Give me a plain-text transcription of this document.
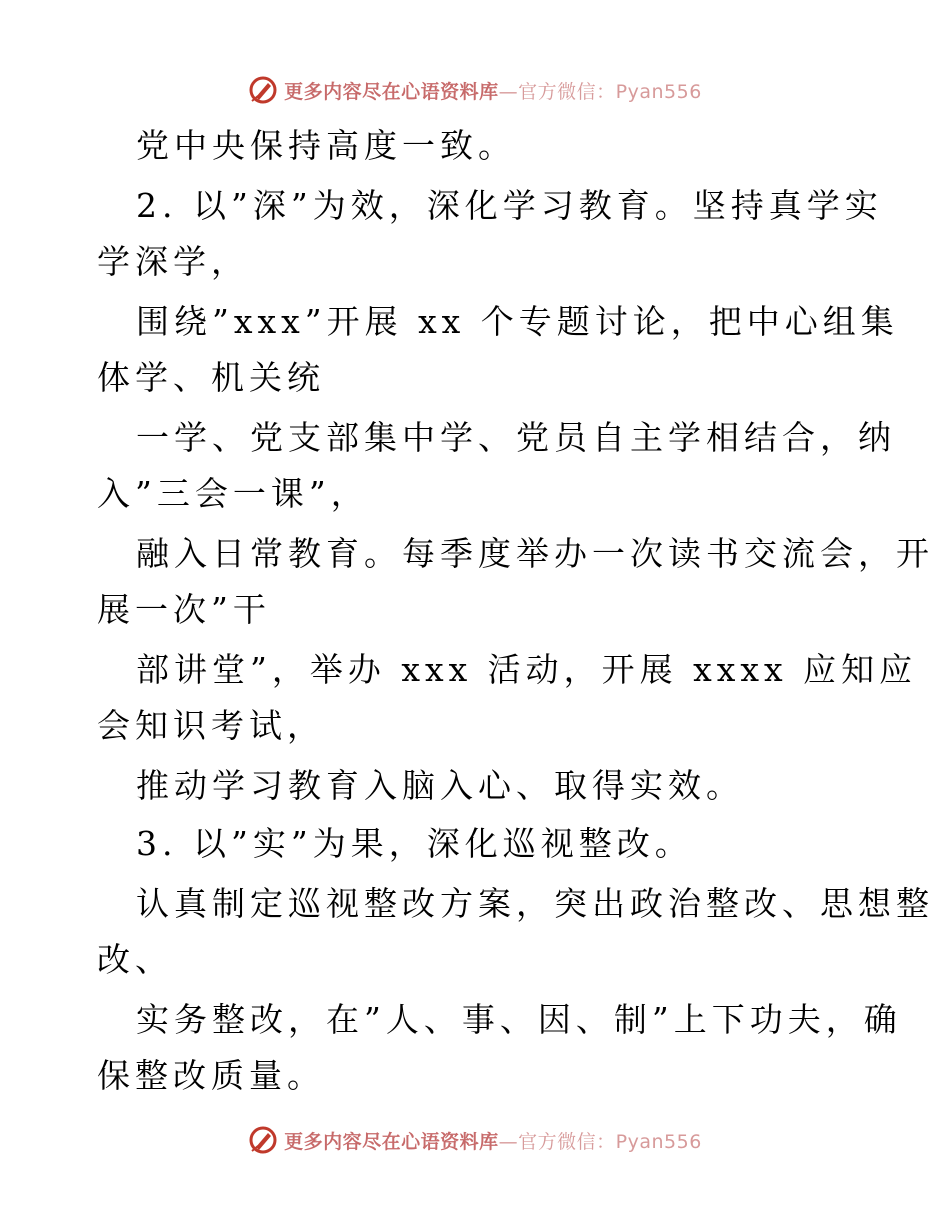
更多内容尽在心语资料库—官方微信：Pyan556
党中央保持高度一致。
2. 以”深”为效，深化学习教育。坚持真学实
学深学，
围绕”xxx”开展 xx 个专题讨论，把中心组集
体学、机关统
一学、党支部集中学、党员自主学相结合，纳
入”三会一课”，
融入日常教育。每季度举办一次读书交流会，开
展一次”干
部讲堂”，举办 xxx 活动，开展 xxxx 应知应
会知识考试，
推动学习教育入脑入心、取得实效。
3. 以”实”为果，深化巡视整改。
认真制定巡视整改方案，突出政治整改、思想整
改、
实务整改，在”人、事、因、制”上下功夫，确
保整改质量。
更多内容尽在心语资料库—官方微信：Pyan556
